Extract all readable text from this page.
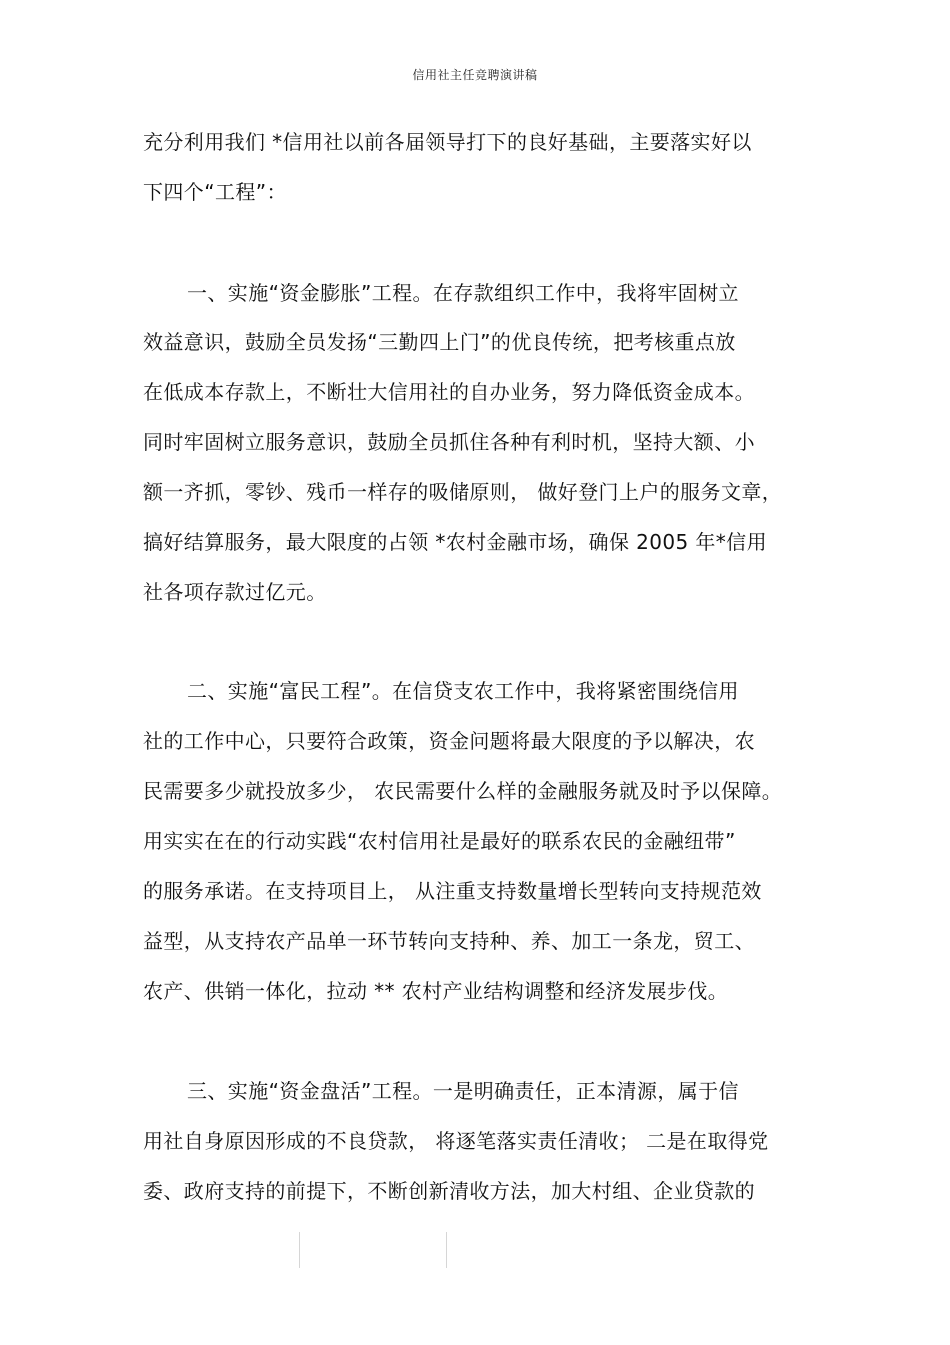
信用社主任竞聘演讲稿
充分利用我们 *信用社以前各届领导打下的良好基础，主要落实好以
下四个“工程”：
一、实施“资金膨胀”工程。在存款组织工作中，我将牢固树立
效益意识，鼓励全员发扬“三勤四上门”的优良传统，把考核重点放
在低成本存款上，不断壮大信用社的自办业务，努力降低资金成本。
同时牢固树立服务意识，鼓励全员抓住各种有利时机，坚持大额、小
额一齐抓，零钞、残币一样存的吸储原则， 做好登门上户的服务文章，
搞好结算服务，最大限度的占领 *农村金融市场，确保 2005 年*信用
社各项存款过亿元。
二、实施“富民工程”。在信贷支农工作中，我将紧密围绕信用
社的工作中心，只要符合政策，资金问题将最大限度的予以解决，农
民需要多少就投放多少， 农民需要什么样的金融服务就及时予以保障。
用实实在在的行动实践“农村信用社是最好的联系农民的金融纽带”
的服务承诺。在支持项目上， 从注重支持数量增长型转向支持规范效
益型，从支持农产品单一环节转向支持种、养、加工一条龙，贸工、
农产、供销一体化，拉动 ** 农村产业结构调整和经济发展步伐。
三、实施“资金盘活”工程。一是明确责任，正本清源，属于信
用社自身原因形成的不良贷款， 将逐笔落实责任清收； 二是在取得党
委、政府支持的前提下，不断创新清收方法，加大村组、企业贷款的
